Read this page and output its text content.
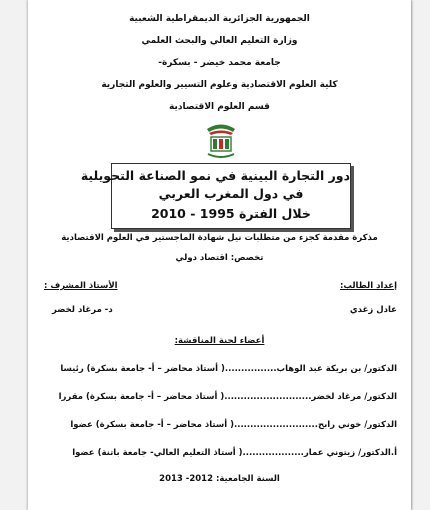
الجمهورية الجزائرية الديمقراطية الشعبية
وزارة التعليم العالي والبحث العلمي
جامعة محمد خيضر - بسكرة-
كلية العلوم الاقتصادية وعلوم التسيير والعلوم التجارية
قسم العلوم الاقتصادية
دور التجارة البينية في نمو الصناعة التحويلية
في دول المغرب العربي
خلال الفترة 1995 - 2010
مذكرة مقدمة كجزء من متطلبات نيل شهادة الماجستير في العلوم الاقتصادية
تخصص: اقتصاد دولي
إعداد الطالب:
الأستاذ المشرف :
عادل زغدي
د- مرغاد لخضر
أعضاء لجنة المناقشة:
الدكتور/ بن بريكة عبد الوهاب................( أستاذ محاضر – أ- جامعة بسكرة) رئيسا
الدكتور/ مرغاد لخضر...........................( أستاذ محاضر – أ- جامعة بسكرة) مقررا
الدكتور/ خوني رابح..........................( أستاذ محاضر – أ- جامعة بسكرة) عضوا
أ.الدكتور/ زيتوني عمار...................( أستاذ التعليم العالي- جامعة باتنة) عضوا
السنة الجامعية: 2012- 2013
